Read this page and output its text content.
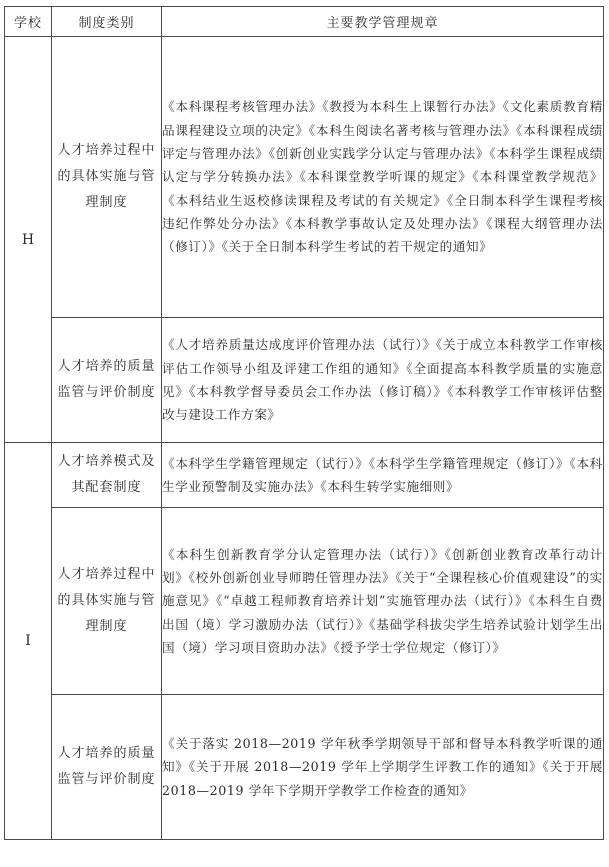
学校	制度类别	主要教学管理规章
H	人才培养过程中的具体实施与管理制度	《本科课程考核管理办法》《教授为本科生上课暂行办法》《文化素质教育精品课程建设立项的决定》《本科生阅读名著考核与管理办法》《本科课程成绩评定与管理办法》《创新创业实践学分认定与管理办法》《本科学生课程成绩认定与学分转换办法》《本科课堂教学听课的规定》《本科课堂教学规范》《本科结业生返校修读课程及考试的有关规定》《全日制本科学生课程考核违纪作弊处分办法》《本科教学事故认定及处理办法》《课程大纲管理办法（修订）》《关于全日制本科学生考试的若干规定的通知》
	人才培养的质量监管与评价制度	《人才培养质量达成度评价管理办法（试行）》《关于成立本科教学工作审核评估工作领导小组及评建工作组的通知》《全面提高本科教学质量的实施意见》《本科教学督导委员会工作办法（修订稿）》《本科教学工作审核评估整改与建设工作方案》
I	人才培养模式及其配套制度	《本科学生学籍管理规定（试行）》《本科学生学籍管理规定（修订）》《本科生学业预警制及实施办法》《本科生转学实施细则》
	人才培养过程中的具体实施与管理制度	《本科生创新教育学分认定管理办法（试行）》《创新创业教育改革行动计划》《校外创新创业导师聘任管理办法》《关于“全课程核心价值观建设”的实施意见》《“卓越工程师教育培养计划”实施管理办法（试行）》《本科生自费出国（境）学习激励办法（试行）》《基础学科拔尖学生培养试验计划学生出国（境）学习项目资助办法》《授予学士学位规定（修订）》
	人才培养的质量监管与评价制度	《关于落实 2018—2019 学年秋季学期领导干部和督导本科教学听课的通知》《关于开展 2018—2019 学年上学期学生评教工作的通知》《关于开展 2018—2019 学年下学期开学教学工作检查的通知》
